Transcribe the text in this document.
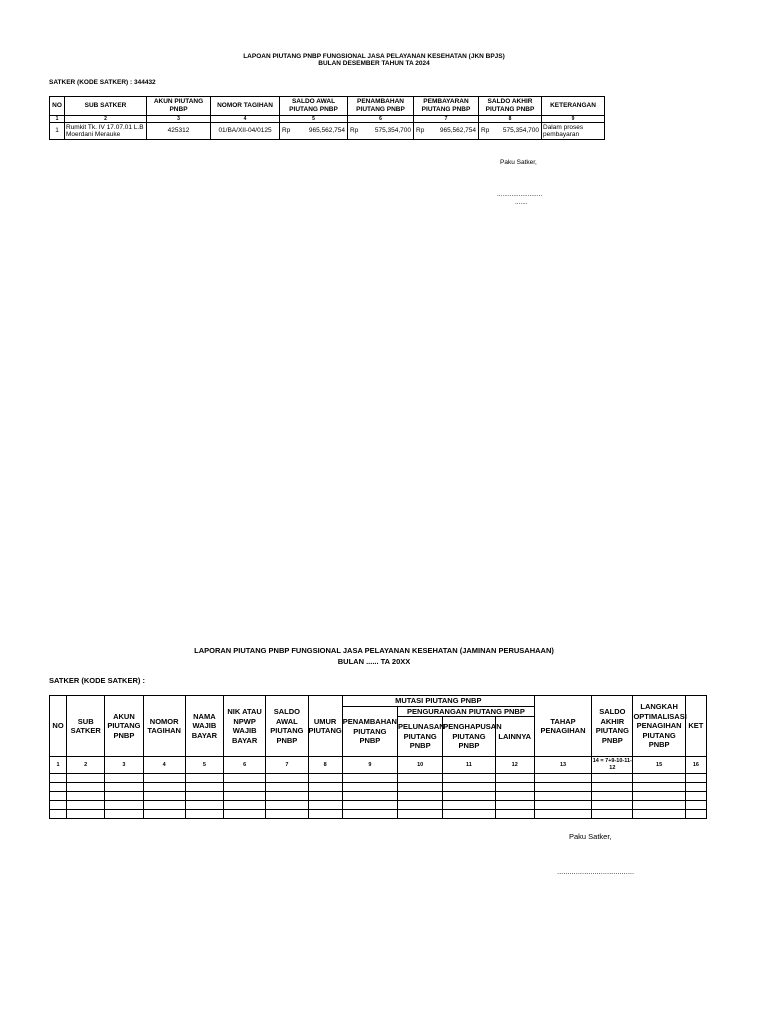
LAPOAN PIUTANG PNBP FUNGSIONAL JASA PELAYANAN KESEHATAN (JKN BPJS)
BULAN DESEMBER TAHUN TA 2024
SATKER (KODE SATKER) : 344432
NO	SUB SATKER	AKUN PIUTANG PNBP	NOMOR TAGIHAN	SALDO AWAL PIUTANG PNBP	PENAMBAHAN PIUTANG PNBP	PEMBAYARAN PIUTANG PNBP	SALDO AKHIR PIUTANG PNBP	KETERANGAN
1	2	3	4	5	6	7	8	9
1	Rumkit Tk. IV 17.07.01 L.B Moerdani Merauke	425312	01/BA/XII-04/0125	Rp 965,562,754	Rp 575,354,700	Rp 965,562,754	Rp 575,354,700	Dalam proses pembayaran
Paku Satker,
.........................
.......
LAPORAN PIUTANG PNBP FUNGSIONAL JASA PELAYANAN KESEHATAN (JAMINAN PERUSAHAAN)
BULAN ...... TA 20XX
SATKER (KODE SATKER) :
NO	SUB SATKER	AKUN PIUTANG PNBP	NOMOR TAGIHAN	NAMA WAJIB BAYAR	NIK ATAU NPWP WAJIB BAYAR	SALDO AWAL PIUTANG PNBP	UMUR PIUTANG	MUTASI PIUTANG PNBP				TAHAP PENAGIHAN	SALDO AKHIR PIUTANG PNBP	LANGKAH OPTIMALISASI PENAGIHAN PIUTANG PNBP	KET
								PENAMBAHAN PIUTANG PNBP	PENGURANGAN PIUTANG PNBP						
									PELUNASAN PIUTANG PNBP	PENGHAPUSAN PIUTANG PNBP	LAINNYA				
1	2	3	4	5	6	7	8	9	10	11	12	13	14 = 7+9-10-11-12	15	16

Paku Satker,
.....................................
